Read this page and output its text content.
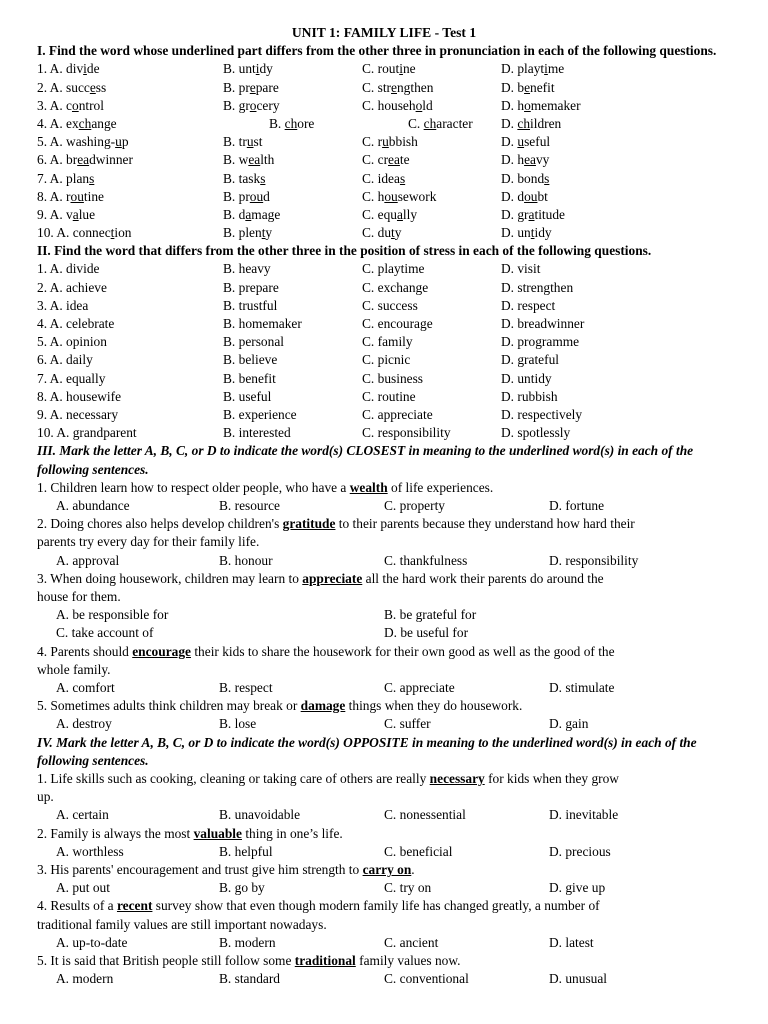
UNIT 1: FAMILY LIFE - Test 1
I. Find the word whose underlined part differs from the other three in pronunciation in each of the following questions.
1. A. divide	B. untidy	C. routine	D. playtime
2. A. success	B. prepare	C. strengthen	D. benefit
3. A. control	B. grocery	C. household	D. homemaker
4. A. exchange	B. chore	C. character D. children
5. A. washing-up	B. trust	C. rubbish	D. useful
6. A. breadwinner	B. wealth	C. create	D. heavy
7. A. plans	B. tasks	C. ideas	D. bonds
8. A. routine	B. proud	C. housework	D. doubt
9. A. value	B. damage	C. equally	D. gratitude
10. A. connection	B. plenty	C. duty	D. untidy
II. Find the word that differs from the other three in the position of stress in each of the following questions.
1. A. divide	B. heavy	C. playtime	D. visit
2. A. achieve	B. prepare	C. exchange	D. strengthen
3. A. idea	B. trustful	C. success	D. respect
4. A. celebrate	B. homemaker	C. encourage	D. breadwinner
5. A. opinion	B. personal	C. family	D. programme
6. A. daily	B. believe	C. picnic	D. grateful
7. A. equally	B. benefit	C. business	D. untidy
8. A. housewife	B. useful	C. routine	D. rubbish
9. A. necessary	B. experience	C. appreciate	D. respectively
10. A. grandparent	B. interested	C. responsibility	D. spotlessly
III. Mark the letter A, B, C, or D to indicate the word(s) CLOSEST in meaning to the underlined word(s) in each of the following sentences.
1. Children learn how to respect older people, who have a wealth of life experiences.
A. abundance	B. resource	C. property	D. fortune
2. Doing chores also helps develop children's gratitude to their parents because they understand how hard their
parents try every day for their family life.
A. approval	B. honour	C. thankfulness	D. responsibility
3. When doing housework, children may learn to appreciate all the hard work their parents do around the
house for them.
A. be responsible for	B. be grateful for
C. take account of	D. be useful for
4. Parents should encourage their kids to share the housework for their own good as well as the good of the
whole family.
A. comfort	B. respect	C. appreciate	D. stimulate
5. Sometimes adults think children may break or damage things when they do housework.
A. destroy	B. lose	C. suffer	D. gain
IV. Mark the letter A, B, C, or D to indicate the word(s) OPPOSITE in meaning to the underlined word(s) in each of the following sentences.
1. Life skills such as cooking, cleaning or taking care of others are really necessary for kids when they grow
up.
A. certain	B. unavoidable	C. nonessential	D. inevitable
2. Family is always the most valuable thing in one’s life.
A. worthless	B. helpful	C. beneficial	D. precious
3. His parents' encouragement and trust give him strength to carry on.
A. put out	B. go by	C. try on	D. give up
4. Results of a recent survey show that even though modern family life has changed greatly, a number of
traditional family values are still important nowadays.
A. up-to-date	B. modern	C. ancient	D. latest
5. It is said that British people still follow some traditional family values now.
A. modern	B. standard	C. conventional	D. unusual
